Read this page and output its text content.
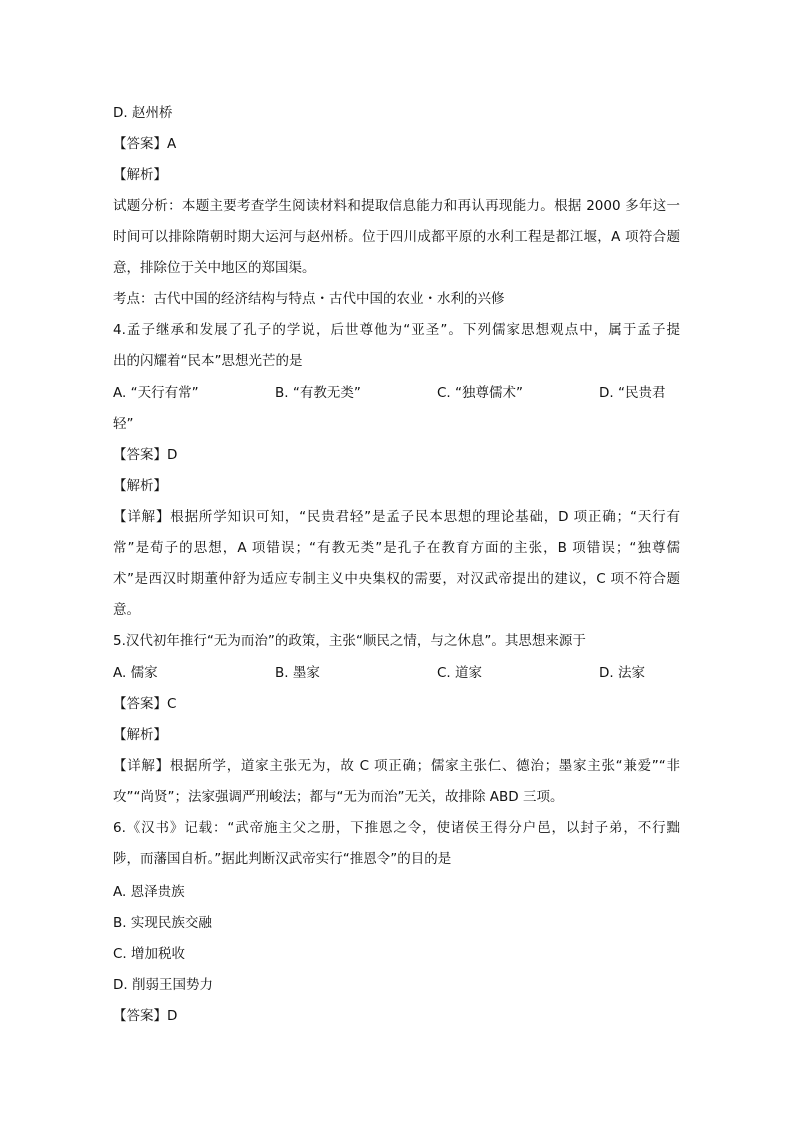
D. 赵州桥
【答案】A
【解析】
试题分析：本题主要考查学生阅读材料和提取信息能力和再认再现能力。根据 2000 多年这一
时间可以排除隋朝时期大运河与赵州桥。位于四川成都平原的水利工程是都江堰，A 项符合题
意，排除位于关中地区的郑国渠。
考点：古代中国的经济结构与特点・古代中国的农业・水利的兴修
4.孟子继承和发展了孔子的学说，后世尊他为“亚圣”。下列儒家思想观点中，属于孟子提
出的闪耀着“民本”思想光芒的是
A. “天行有常”	B. “有教无类”	C. “独尊儒术”	D. “民贵君
轻”
【答案】D
【解析】
【详解】根据所学知识可知，“民贵君轻”是孟子民本思想的理论基础，D 项正确；“天行有
常”是荀子的思想，A 项错误；“有教无类”是孔子在教育方面的主张，B 项错误；“独尊儒
术”是西汉时期董仲舒为适应专制主义中央集权的需要，对汉武帝提出的建议，C 项不符合题
意。
5.汉代初年推行“无为而治”的政策，主张“顺民之情，与之休息”。其思想来源于
A. 儒家	B. 墨家	C. 道家	D. 法家
【答案】C
【解析】
【详解】根据所学，道家主张无为，故 C 项正确；儒家主张仁、德治；墨家主张“兼爱”“非
攻”“尚贤”；法家强调严刑峻法；都与“无为而治”无关，故排除 ABD 三项。
6.《汉书》记载：“武帝施主父之册，下推恩之令，使诸侯王得分户邑，以封子弟，不行黜
陟，而藩国自析。”据此判断汉武帝实行“推恩令”的目的是
A. 恩泽贵族
B. 实现民族交融
C. 增加税收
D. 削弱王国势力
【答案】D
